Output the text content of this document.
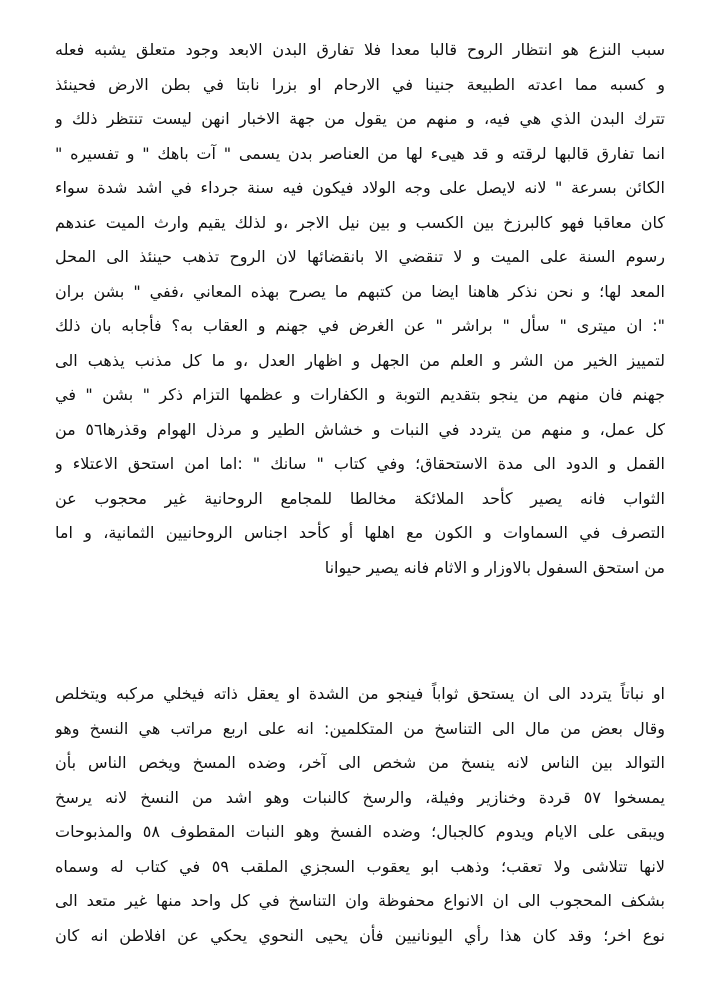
سبب النزع هو انتظار الروح قالبا معدا فلا تفارق البدن الابعد وجود متعلق يشبه فعله
و كسبه مما اعدته الطبيعة جنينا في الارحام او بزرا نابتا في بطن الارض فحينئذ
تترك البدن الذي هي فيه، و منهم من يقول من جهة الاخبار انهن ليست تنتظر ذلك و
انما تفارق قالبها لرقته و قد هيىء لها من العناصر بدن يسمى " آت باهك " و تفسيره "
الكائن بسرعة " لانه لايصل على وجه الولاد فيكون فيه سنة جرداء في اشد شدة سواء
كان معاقبا فهو كالبرزخ بين الكسب و بين نيل الاجر ،و لذلك يقيم وارث الميت عندهم
رسوم السنة على الميت و لا تنقضي الا بانقضائها لان الروح تذهب حينئذ الى المحل
المعد لها؛ و نحن نذكر هاهنا ايضا من كتبهم ما يصرح بهذه المعاني ،ففي " بشن بران
": ان ميترى " سأل " براشر " عن الغرض في جهنم و العقاب به؟ فأجابه بان ذلك
لتمييز الخير من الشر و العلم من الجهل و اظهار العدل ،و ما كل مذنب يذهب الى
جهنم فان منهم من ينجو بتقديم التوبة و الكفارات و عظمها التزام ذكر " بشن " في
كل عمل، و منهم من يتردد في النبات و خشاش الطير و مرذل الهوام وقذرها٥٦ من
القمل و الدود الى مدة الاستحقاق؛ وفي كتاب " سانك " :اما امن استحق الاعتلاء و
الثواب فانه يصير كأحد الملائكة مخالطا للمجامع الروحانية غير محجوب عن
التصرف في السماوات و الكون مع اهلها أو كأحد اجناس الروحانيين الثمانية، و اما
من استحق السفول بالاوزار و الاثام فانه يصير حيوانا
او نباتاً يتردد الى ان يستحق ثواباً فينجو من الشدة او يعقل ذاته فيخلي مركبه ويتخلص
وقال بعض من مال الى التناسخ من المتكلمين: انه على اربع مراتب هي النسخ وهو
التوالد بين الناس لانه ينسخ من شخص الى آخر، وضده المسخ ويخص الناس بأن
يمسخوا ٥٧ قردة وخنازير وفيلة، والرسخ كالنبات وهو اشد من النسخ لانه يرسخ
ويبقى على الايام ويدوم كالجبال؛ وضده الفسخ وهو النبات المقطوف ٥٨ والمذبوحات
لانها تتلاشى ولا تعقب؛ وذهب ابو يعقوب السجزي الملقب ٥٩ في كتاب له وسماه
بشكف المحجوب الى ان الانواع محفوظة وان التناسخ في كل واحد منها غير متعد الى
نوع اخر؛ وقد كان هذا رأي اليونانيين فأن يحيى النحوي يحكي عن افلاطن انه كان
